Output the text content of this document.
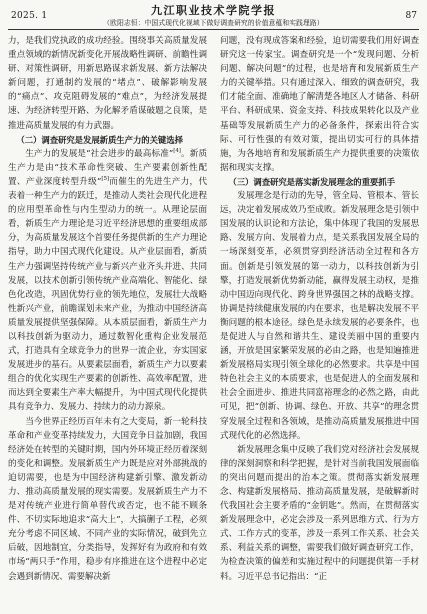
2025. 1	九江职业技术学院学报
（欧阳志恒：中国式现代化视域下做好调查研究的价值意蕴和实践理路）
87

力，是我们党执政的成功经验。围绕事关高质量发展重点领域的新情况新变化开展战略性调研、前瞻性调研、对策性调研，用新思路谋求新发展、新方法解决新问题，打通制约发展的“堵点”、破解影响发展的“痛点”、攻克阻碍发展的“难点”，为经济发展提速、为经济转型开路、为化解矛盾谋破题之良策，是推进高质量发展的有力武器。

（二）调查研究是发展新质生产力的关键选择

生产力的发展是“社会进步的最高标准”[4]。新质生产力是由“技术革命性突破、生产要素创新性配置、产业深度转型升级”[5]而催生的先进生产力，代表着一种生产力的跃迁，是推动人类社会现代化进程的应用型革命性与内生型动力的统一。从理论层面看，新质生产力理论是习近平经济思想的重要组成部分，为高质量发展这个首要任务提供新的生产力理论指导，助力中国式现代化建设。从产业层面看，新质生产力强调坚持传统产业与新兴产业齐头并进、共同发展，以技术创新引领传统产业高端化、智能化、绿色化改造，巩固优势行业的领先地位，发展壮大战略性新兴产业，前瞻谋划未来产业，为推动中国经济高质量发展提供坚强保障。从本质层面看，新质生产力以科技创新为驱动力，通过数智化重构企业发展范式，打造具有全球竞争力的世界一流企业，夯实国家发展进步的基石。从要素层面看，新质生产力以要素组合的优化实现生产要素的创新性、高效率配置，进而达到全要素生产率大幅提升，为中国式现代化提供具有竞争力、发展力、持续力的动力源泉。

当今世界正经历百年未有之大变局，新一轮科技革命和产业变革持续发力，大国竞争日益加剧，我国经济处在转型的关键时期，国内外环境正经历着深刻的变化和调整。发展新质生产力既是应对外部挑战的迫切需要，也是为中国经济构建新引擎、激发新动力、推动高质量发展的现实需要。发展新质生产力不是对传统产业进行简单替代或否定，也不能不顾条件、不切实际地追求“高大上”，大搞蒯子工程，必须充分考虑不同区域、不同产业的实际情况，破到先立后破，因地制宜，分类指导，发挥好有为政府和有效市场“两只手”作用，稳步有序推进在这个进程中必定会遇到新情况、需要解决新

问题，没有现成答案和经验，迫切需要我们用好调查研究这一传家宝。调查研究是一个“发现问题、分析问题、解决问题”的过程，也是培育和发展新质生产力的关键举措。只有通过深入、细致的调查研究，我们才能全面、准确地了解清楚各地区人才储备、科研平台、科研成果、资金支持、科技成果转化以及产业基础等发展新质生产力的必备条件，探索出符合实际、可行性强的有效对策，提出切实可行的具体措施，为各地培育和发展新质生产力提供重要的决策依据和现实支撑。

（三）调查研究是落实新发展理念的重要抓手

发展理念是行动的先导，管全局、管根本、管长远，决定着发展成效乃至成败。新发展理念是引领中国发展的认识论和方法论，集中体现了我国的发展思路、发展方向、发展着力点，是关系我国发展全局的一场深刻变革，必须贯穿到经济活动全过程和各方面。创新是引领发展的第一动力，以科技创新为引擎，打造发展新优势新动能，赢得发展主动权，是推动中国迈向现代化、跨身世界强国之林的战略支撑。协调是持续健康发展的内在要求，也是解决发展不平衡问题的根本途径。绿色是永续发展的必要条件，也是促进人与自然和谐共生、建设美丽中国的重要内涵，开放是国家繁荣发展的必由之路，也是知遍推进新发展格局实现引领全球化的必然要求。共享是中国特色社会主义的本质要求，也是促进人的全面发展和社会全面进步、推进共同富裕理念的必然之路，由此可见，把“创新、协调、绿色、开放、共享”的理念贯穿发展全过程和各领域，是推动高质量发展推进中国式现代化的必然选择。

新发展理念集中反映了我们党对经济社会发展规律的深刻洞察和科学把握，是针对当前我国发展面临的突出问题而提出的治本之策。贯彻落实新发展理念、构建新发展格局、推动高质量发展，是破解新时代我国社会主要矛盾的“金钥匙”。然而，在贯彻落实新发展理念中，必定会涉及一系列思维方式、行为方式、工作方式的变革，涉及一系列工作关系、社会关系、利益关系的调整，需要我们做好调查研究工作，为检查决策的偏差和实施过程中的问题提供第一手材料。习近平总书记指出：“正
